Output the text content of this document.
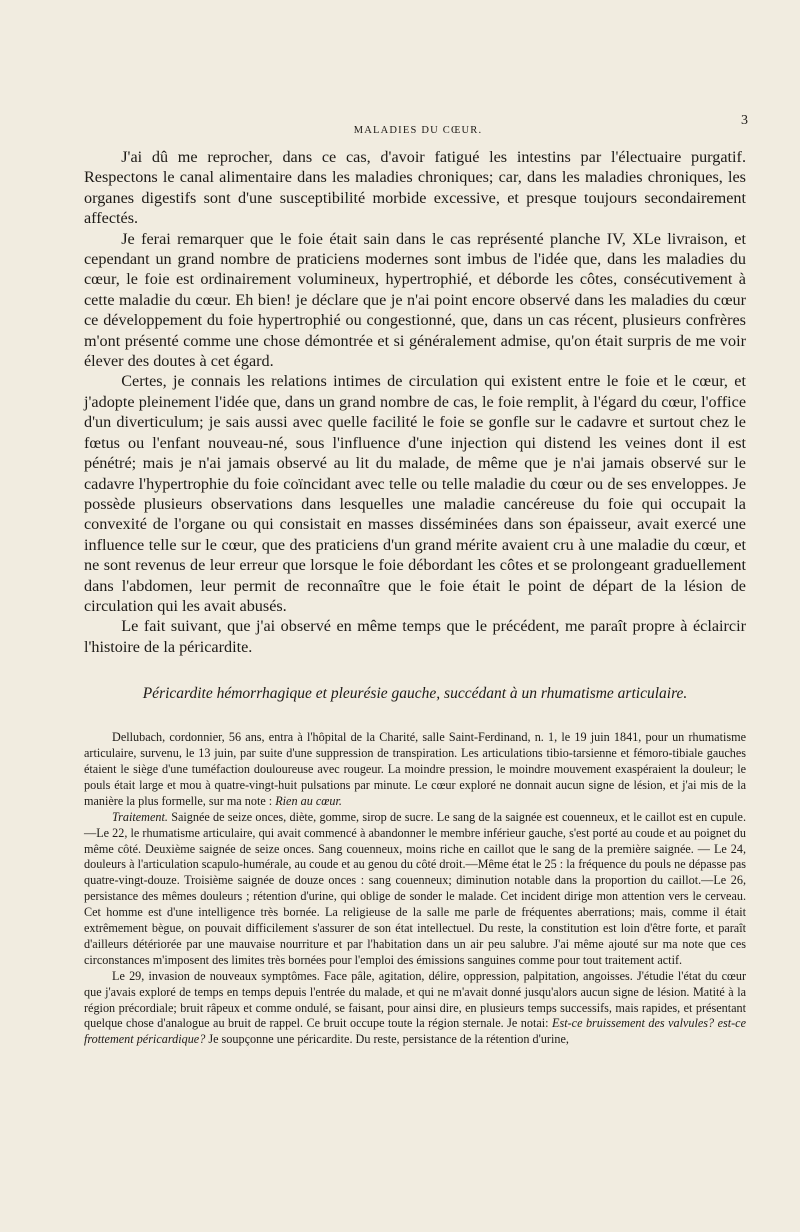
MALADIES DU CŒUR.
3

J'ai dû me reprocher, dans ce cas, d'avoir fatigué les intestins par l'électuaire purgatif. Respectons le canal alimentaire dans les maladies chroniques; car, dans les maladies chroniques, les organes digestifs sont d'une susceptibilité morbide excessive, et presque toujours secondairement affectés.

Je ferai remarquer que le foie était sain dans le cas représenté planche IV, XLe livraison, et cependant un grand nombre de praticiens modernes sont imbus de l'idée que, dans les maladies du cœur, le foie est ordinairement volumineux, hypertrophié, et déborde les côtes, consécutivement à cette maladie du cœur. Eh bien! je déclare que je n'ai point encore observé dans les maladies du cœur ce développement du foie hypertrophié ou congestionné, que, dans un cas récent, plusieurs confrères m'ont présenté comme une chose démontrée et si généralement admise, qu'on était surpris de me voir élever des doutes à cet égard.

Certes, je connais les relations intimes de circulation qui existent entre le foie et le cœur, et j'adopte pleinement l'idée que, dans un grand nombre de cas, le foie remplit, à l'égard du cœur, l'office d'un diverticulum; je sais aussi avec quelle facilité le foie se gonfle sur le cadavre et surtout chez le fœtus ou l'enfant nouveau-né, sous l'influence d'une injection qui distend les veines dont il est pénétré; mais je n'ai jamais observé au lit du malade, de même que je n'ai jamais observé sur le cadavre l'hypertrophie du foie coïncidant avec telle ou telle maladie du cœur ou de ses enveloppes. Je possède plusieurs observations dans lesquelles une maladie cancéreuse du foie qui occupait la convexité de l'organe ou qui consistait en masses disséminées dans son épaisseur, avait exercé une influence telle sur le cœur, que des praticiens d'un grand mérite avaient cru à une maladie du cœur, et ne sont revenus de leur erreur que lorsque le foie débordant les côtes et se prolongeant graduellement dans l'abdomen, leur permit de reconnaître que le foie était le point de départ de la lésion de circulation qui les avait abusés.

Le fait suivant, que j'ai observé en même temps que le précédent, me paraît propre à éclaircir l'histoire de la péricardite.

Péricardite hémorrhagique et pleurésie gauche, succédant à un rhumatisme articulaire.

Dellubach, cordonnier, 56 ans, entra à l'hôpital de la Charité, salle Saint-Ferdinand, n. 1, le 19 juin 1841, pour un rhumatisme articulaire, survenu, le 13 juin, par suite d'une suppression de transpiration. Les articulations tibio-tarsienne et fémoro-tibiale gauches étaient le siège d'une tuméfaction douloureuse avec rougeur. La moindre pression, le moindre mouvement exaspéraient la douleur; le pouls était large et mou à quatre-vingt-huit pulsations par minute. Le cœur exploré ne donnait aucun signe de lésion, et j'ai mis de la manière la plus formelle, sur ma note : Rien au cœur.

Traitement. Saignée de seize onces, diète, gomme, sirop de sucre. Le sang de la saignée est couenneux, et le caillot est en cupule.—Le 22, le rhumatisme articulaire, qui avait commencé à abandonner le membre inférieur gauche, s'est porté au coude et au poignet du même côté. Deuxième saignée de seize onces. Sang couenneux, moins riche en caillot que le sang de la première saignée. — Le 24, douleurs à l'articulation scapulo-humérale, au coude et au genou du côté droit.—Même état le 25 : la fréquence du pouls ne dépasse pas quatre-vingt-douze. Troisième saignée de douze onces : sang couenneux; diminution notable dans la proportion du caillot.—Le 26, persistance des mêmes douleurs ; rétention d'urine, qui oblige de sonder le malade. Cet incident dirige mon attention vers le cerveau. Cet homme est d'une intelligence très bornée. La religieuse de la salle me parle de fréquentes aberrations; mais, comme il était extrêmement bègue, on pouvait difficilement s'assurer de son état intellectuel. Du reste, la constitution est loin d'être forte, et paraît d'ailleurs détériorée par une mauvaise nourriture et par l'habitation dans un air peu salubre. J'ai même ajouté sur ma note que ces circonstances m'imposent des limites très bornées pour l'emploi des émissions sanguines comme pour tout traitement actif.

Le 29, invasion de nouveaux symptômes. Face pâle, agitation, délire, oppression, palpitation, angoisses. J'étudie l'état du cœur que j'avais exploré de temps en temps depuis l'entrée du malade, et qui ne m'avait donné jusqu'alors aucun signe de lésion. Matité à la région précordiale; bruit râpeux et comme ondulé, se faisant, pour ainsi dire, en plusieurs temps successifs, mais rapides, et présentant quelque chose d'analogue au bruit de rappel. Ce bruit occupe toute la région sternale. Je notai: Est-ce bruissement des valvules? est-ce frottement péricardique? Je soupçonne une péricardite. Du reste, persistance de la rétention d'urine,
